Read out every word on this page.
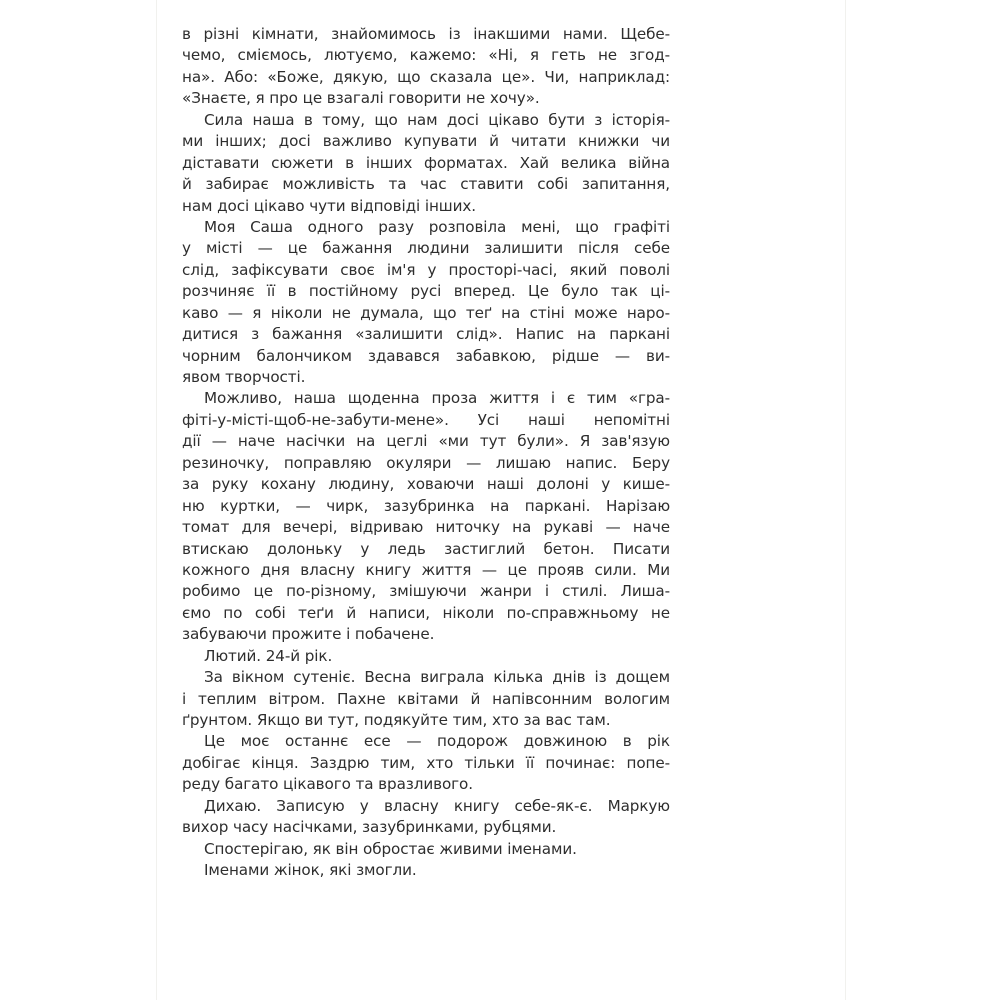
в різні кімнати, знайомимось із інакшими нами. Щебе-
чемо, сміємось, лютуємо, кажемо: «Ні, я геть не згод-
на». Або: «Боже, дякую, що сказала це». Чи, наприклад:
«Знаєте, я про це взагалі говорити не хочу».
Сила наша в тому, що нам досі цікаво бути з історія-
ми інших; досі важливо купувати й читати книжки чи
діставати сюжети в інших форматах. Хай велика війна
й забирає можливість та час ставити собі запитання,
нам досі цікаво чути відповіді інших.
Моя Саша одного разу розповіла мені, що графіті
у місті — це бажання людини залишити після себе
слід, зафіксувати своє ім'я у просторі-часі, який поволі
розчиняє її в постійному русі вперед. Це було так ці-
каво — я ніколи не думала, що теґ на стіні може наро-
дитися з бажання «залишити слід». Напис на паркані
чорним балончиком здавався забавкою, рідше — ви-
явом творчості.
Можливо, наша щоденна проза життя і є тим «гра-
фіті-у-місті-щоб-не-забути-мене». Усі наші непомітні
дії — наче насічки на цеглі «ми тут були». Я зав'язую
резиночку, поправляю окуляри — лишаю напис. Беру
за руку кохану людину, ховаючи наші долоні у кише-
ню куртки, — чирк, зазубринка на паркані. Нарізаю
томат для вечері, відриваю ниточку на рукаві — наче
втискаю долоньку у ледь застиглий бетон. Писати
кожного дня власну книгу життя — це прояв сили. Ми
робимо це по-різному, змішуючи жанри і стилі. Лиша-
ємо по собі теґи й написи, ніколи по-справжньому не
забуваючи прожите і побачене.
Лютий. 24-й рік.
За вікном сутеніє. Весна виграла кілька днів із дощем
і теплим вітром. Пахне квітами й напівсонним вологим
ґрунтом. Якщо ви тут, подякуйте тим, хто за вас там.
Це моє останнє есе — подорож довжиною в рік
добігає кінця. Заздрю тим, хто тільки її починає: попе-
реду багато цікавого та вразливого.
Дихаю. Записую у власну книгу себе-як-є. Маркую
вихор часу насічками, зазубринками, рубцями.
Спостерігаю, як він обростає живими іменами.
Іменами жінок, які змогли.
